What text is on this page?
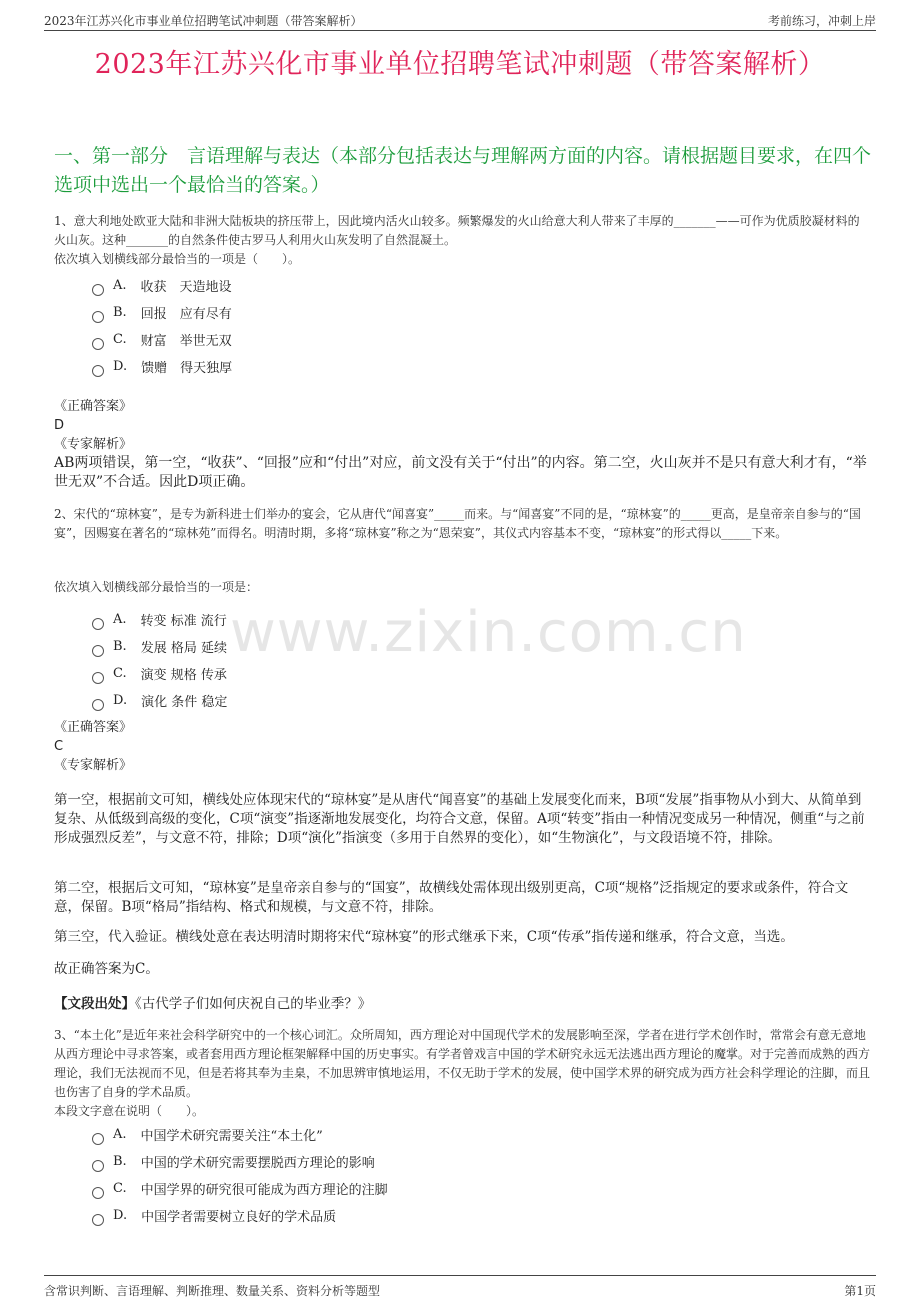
2023年江苏兴化市事业单位招聘笔试冲刺题（带答案解析）	考前练习，冲刺上岸
2023年江苏兴化市事业单位招聘笔试冲刺题（带答案解析）
一、第一部分　言语理解与表达（本部分包括表达与理解两方面的内容。请根据题目要求，在四个选项中选出一个最恰当的答案。）
www.zixin.com.cn
1、意大利地处欧亚大陆和非洲大陆板块的挤压带上，因此境内活火山较多。频繁爆发的火山给意大利人带来了丰厚的_______——可作为优质胶凝材料的火山灰。这种_______的自然条件使古罗马人利用火山灰发明了自然混凝土。
依次填入划横线部分最恰当的一项是（　　）。
A. 收获　天造地设
B. 回报　应有尽有
C. 财富　举世无双
D. 馈赠　得天独厚
《正确答案》
D
《专家解析》
AB两项错误，第一空，“收获”、“回报”应和“付出”对应，前文没有关于“付出”的内容。第二空，火山灰并不是只有意大利才有，“举世无双”不合适。因此D项正确。
2、宋代的“琼林宴”，是专为新科进士们举办的宴会，它从唐代“闻喜宴”_____而来。与“闻喜宴”不同的是，“琼林宴”的_____更高，是皇帝亲自参与的“国宴”，因赐宴在著名的“琼林苑”而得名。明清时期，多将“琼林宴”称之为“恩荣宴”，其仪式内容基本不变，“琼林宴”的形式得以_____下来。
依次填入划横线部分最恰当的一项是：
A. 转变 标准 流行
B. 发展 格局 延续
C. 演变 规格 传承
D. 演化 条件 稳定
《正确答案》
C
《专家解析》
第一空，根据前文可知，横线处应体现宋代的“琼林宴”是从唐代“闻喜宴”的基础上发展变化而来，B项“发展”指事物从小到大、从简单到复杂、从低级到高级的变化，C项“演变”指逐渐地发展变化，均符合文意，保留。A项“转变”指由一种情况变成另一种情况，侧重“与之前形成强烈反差”，与文意不符，排除；D项“演化”指演变（多用于自然界的变化），如“生物演化”，与文段语境不符，排除。
第二空，根据后文可知，“琼林宴”是皇帝亲自参与的“国宴”，故横线处需体现出级别更高，C项“规格”泛指规定的要求或条件，符合文意，保留。B项“格局”指结构、格式和规模，与文意不符，排除。
第三空，代入验证。横线处意在表达明清时期将宋代“琼林宴”的形式继承下来，C项“传承”指传递和继承，符合文意，当选。
故正确答案为C。
【文段出处】《古代学子们如何庆祝自己的毕业季？》
3、“本土化”是近年来社会科学研究中的一个核心词汇。众所周知，西方理论对中国现代学术的发展影响至深，学者在进行学术创作时，常常会有意无意地从西方理论中寻求答案，或者套用西方理论框架解释中国的历史事实。有学者曾戏言中国的学术研究永远无法逃出西方理论的魔掌。对于完善而成熟的西方理论，我们无法视而不见，但是若将其奉为圭臬，不加思辨审慎地运用，不仅无助于学术的发展，使中国学术界的研究成为西方社会科学理论的注脚，而且也伤害了自身的学术品质。
本段文字意在说明（　　）。
A. 中国学术研究需要关注“本土化”
B. 中国的学术研究需要摆脱西方理论的影响
C. 中国学界的研究很可能成为西方理论的注脚
D. 中国学者需要树立良好的学术品质
含常识判断、言语理解、判断推理、数量关系、资料分析等题型	第1页
